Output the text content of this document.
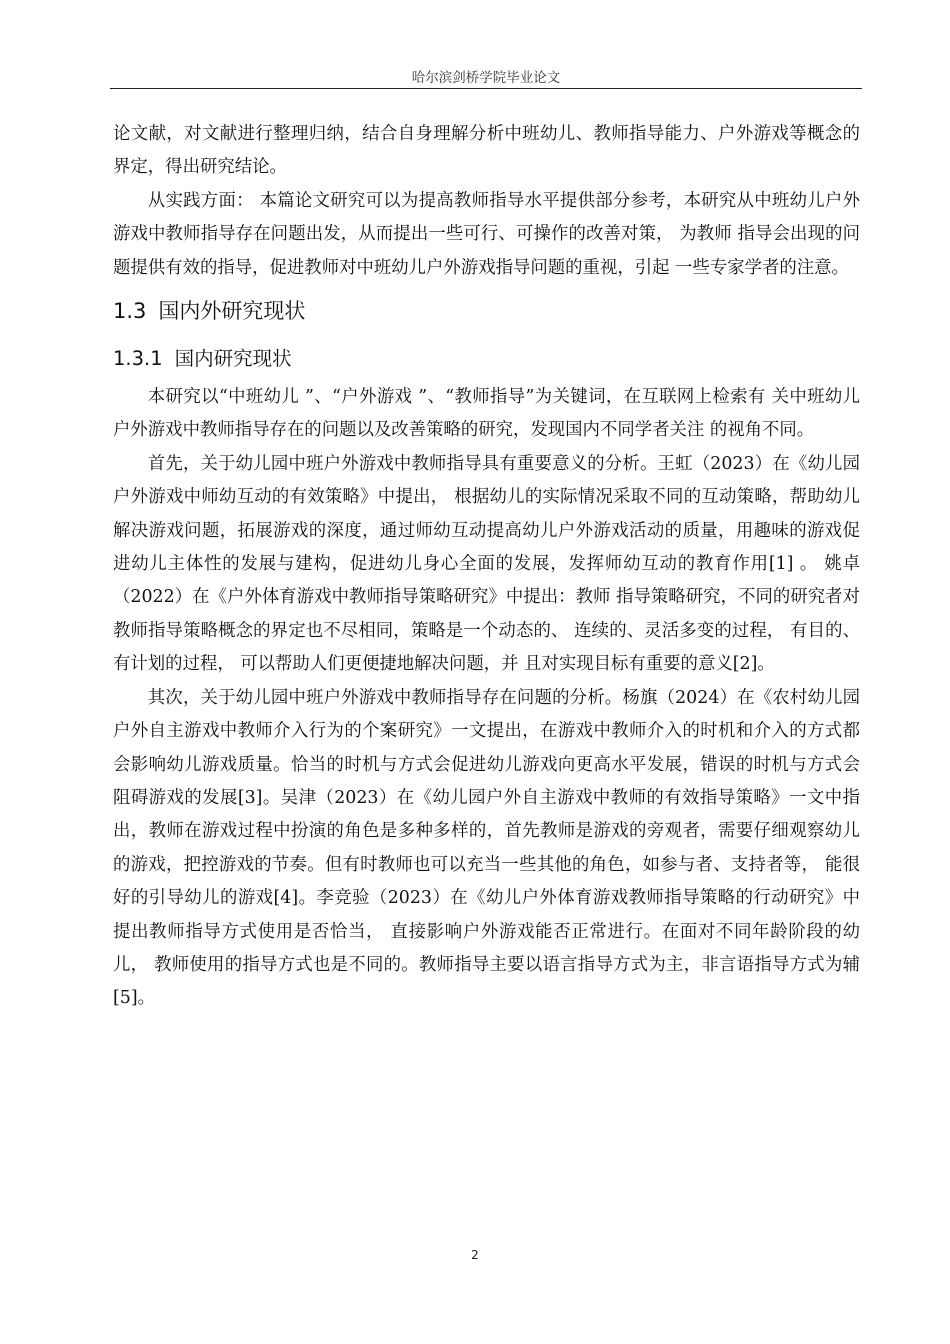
哈尔滨剑桥学院毕业论文

论文献，对文献进行整理归纳，结合自身理解分析中班幼儿、教师指导能力、户外游戏等概念的界定，得出研究结论。

从实践方面： 本篇论文研究可以为提高教师指导水平提供部分参考，本研究从中班幼儿户外游戏中教师指导存在问题出发，从而提出一些可行、可操作的改善对策， 为教师 指导会出现的问题提供有效的指导，促进教师对中班幼儿户外游戏指导问题的重视，引起 一些专家学者的注意。

1.3 国内外研究现状
1.3.1 国内研究现状

本研究以“中班幼儿 ”、“户外游戏 ”、“教师指导”为关键词，在互联网上检索有 关中班幼儿户外游戏中教师指导存在的问题以及改善策略的研究，发现国内不同学者关注 的视角不同。

首先，关于幼儿园中班户外游戏中教师指导具有重要意义的分析。王虹（2023）在《幼儿园户外游戏中师幼互动的有效策略》中提出， 根据幼儿的实际情况采取不同的互动策略，帮助幼儿解决游戏问题，拓展游戏的深度，通过师幼互动提高幼儿户外游戏活动的质量，用趣味的游戏促进幼儿主体性的发展与建构，促进幼儿身心全面的发展，发挥师幼互动的教育作用[1] 。 姚卓（2022）在《户外体育游戏中教师指导策略研究》中提出：教师 指导策略研究，不同的研究者对教师指导策略概念的界定也不尽相同，策略是一个动态的、 连续的、灵活多变的过程， 有目的、有计划的过程， 可以帮助人们更便捷地解决问题，并 且对实现目标有重要的意义[2]。

其次，关于幼儿园中班户外游戏中教师指导存在问题的分析。杨旗（2024）在《农村幼儿园户外自主游戏中教师介入行为的个案研究》一文提出，在游戏中教师介入的时机和介入的方式都会影响幼儿游戏质量。恰当的时机与方式会促进幼儿游戏向更高水平发展，错误的时机与方式会阻碍游戏的发展[3]。吴津（2023）在《幼儿园户外自主游戏中教师的有效指导策略》一文中指出，教师在游戏过程中扮演的角色是多种多样的，首先教师是游戏的旁观者，需要仔细观察幼儿的游戏，把控游戏的节奏。但有时教师也可以充当一些其他的角色，如参与者、支持者等， 能很好的引导幼儿的游戏[4]。李竞验（2023）在《幼儿户外体育游戏教师指导策略的行动研究》中提出教师指导方式使用是否恰当， 直接影响户外游戏能否正常进行。在面对不同年龄阶段的幼儿， 教师使用的指导方式也是不同的。教师指导主要以语言指导方式为主，非言语指导方式为辅[5]。

2
